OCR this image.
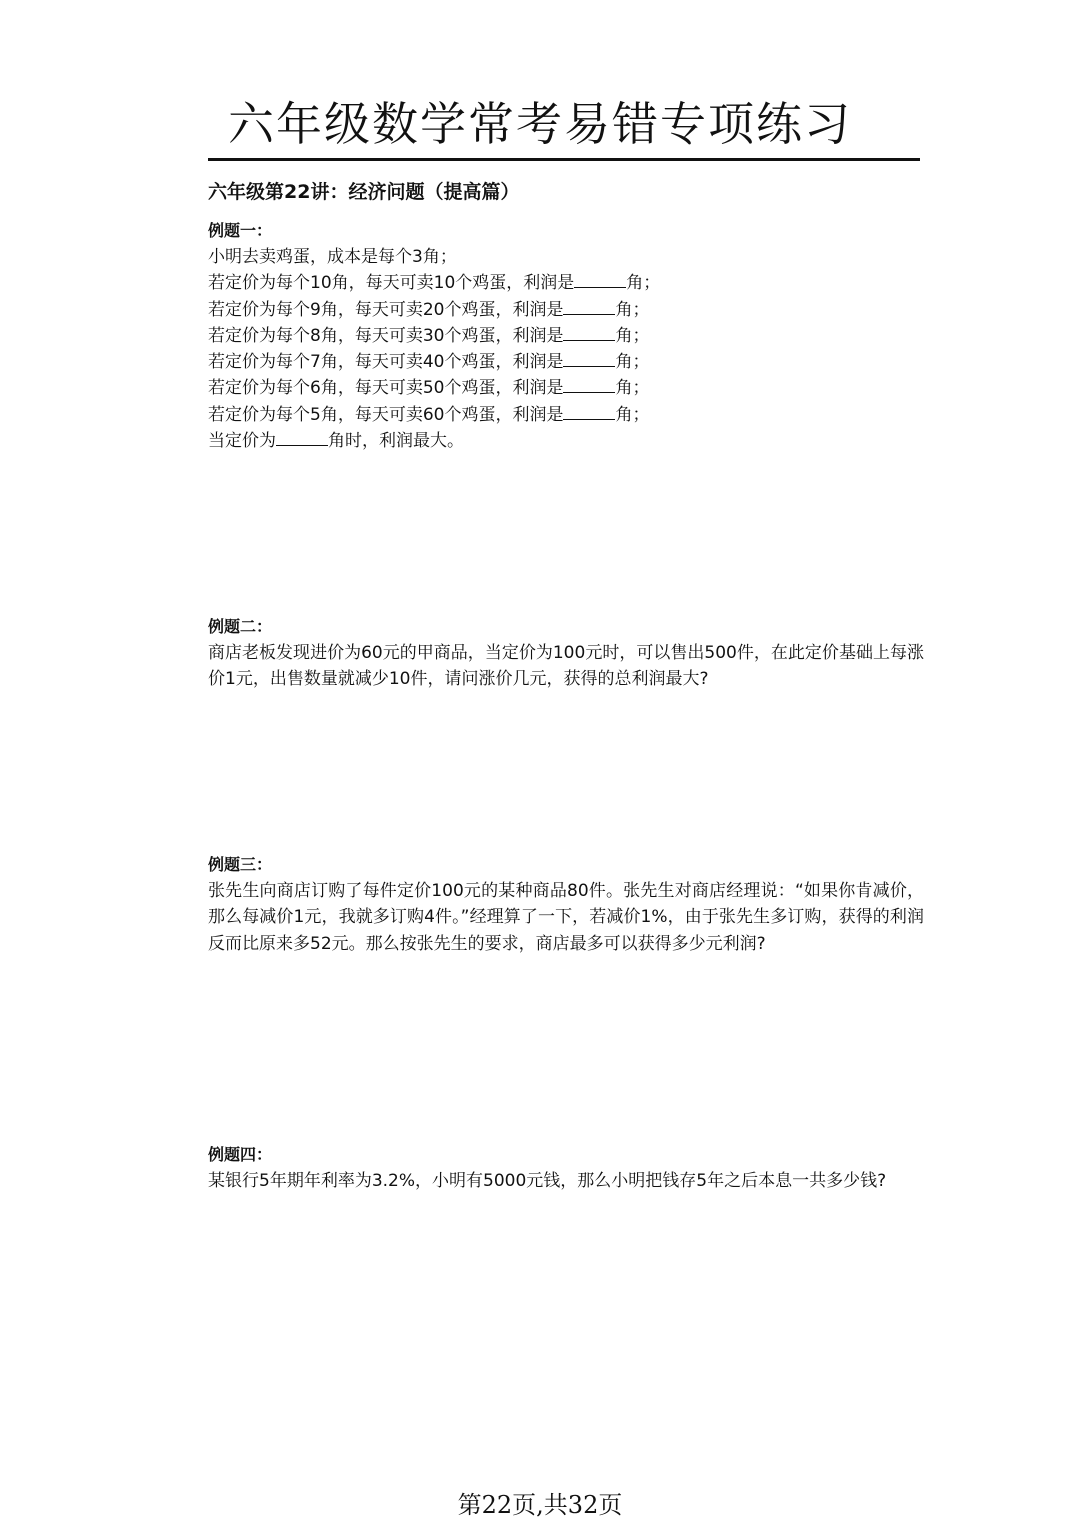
六年级数学常考易错专项练习
六年级第22讲：经济问题（提高篇）

例题一：

小明去卖鸡蛋，成本是每个3角；

若定价为每个10角，每天可卖10个鸡蛋，利润是	角；

若定价为每个9角，每天可卖20个鸡蛋，利润是	角；

若定价为每个8角，每天可卖30个鸡蛋，利润是	角；

若定价为每个7角，每天可卖40个鸡蛋，利润是	角；

若定价为每个6角，每天可卖50个鸡蛋，利润是	角；

若定价为每个5角，每天可卖60个鸡蛋，利润是	角；

当定价为	角时，利润最大。

例题二：

商店老板发现进价为60元的甲商品，当定价为100元时，可以售出500件，在此定价基础上每涨价1元，出售数量就减少10件，请问涨价几元，获得的总利润最大?

例题三：

张先生向商店订购了每件定价100元的某种商品80件。张先生对商店经理说：“如果你肯减价，那么每减价1元，我就多订购4件。”经理算了一下，若减价1%，由于张先生多订购，获得的利润反而比原来多52元。那么按张先生的要求，商店最多可以获得多少元利润?

例题四：

某银行5年期年利率为3.2%，小明有5000元钱，那么小明把钱存5年之后本息一共多少钱?

第22页,共32页
